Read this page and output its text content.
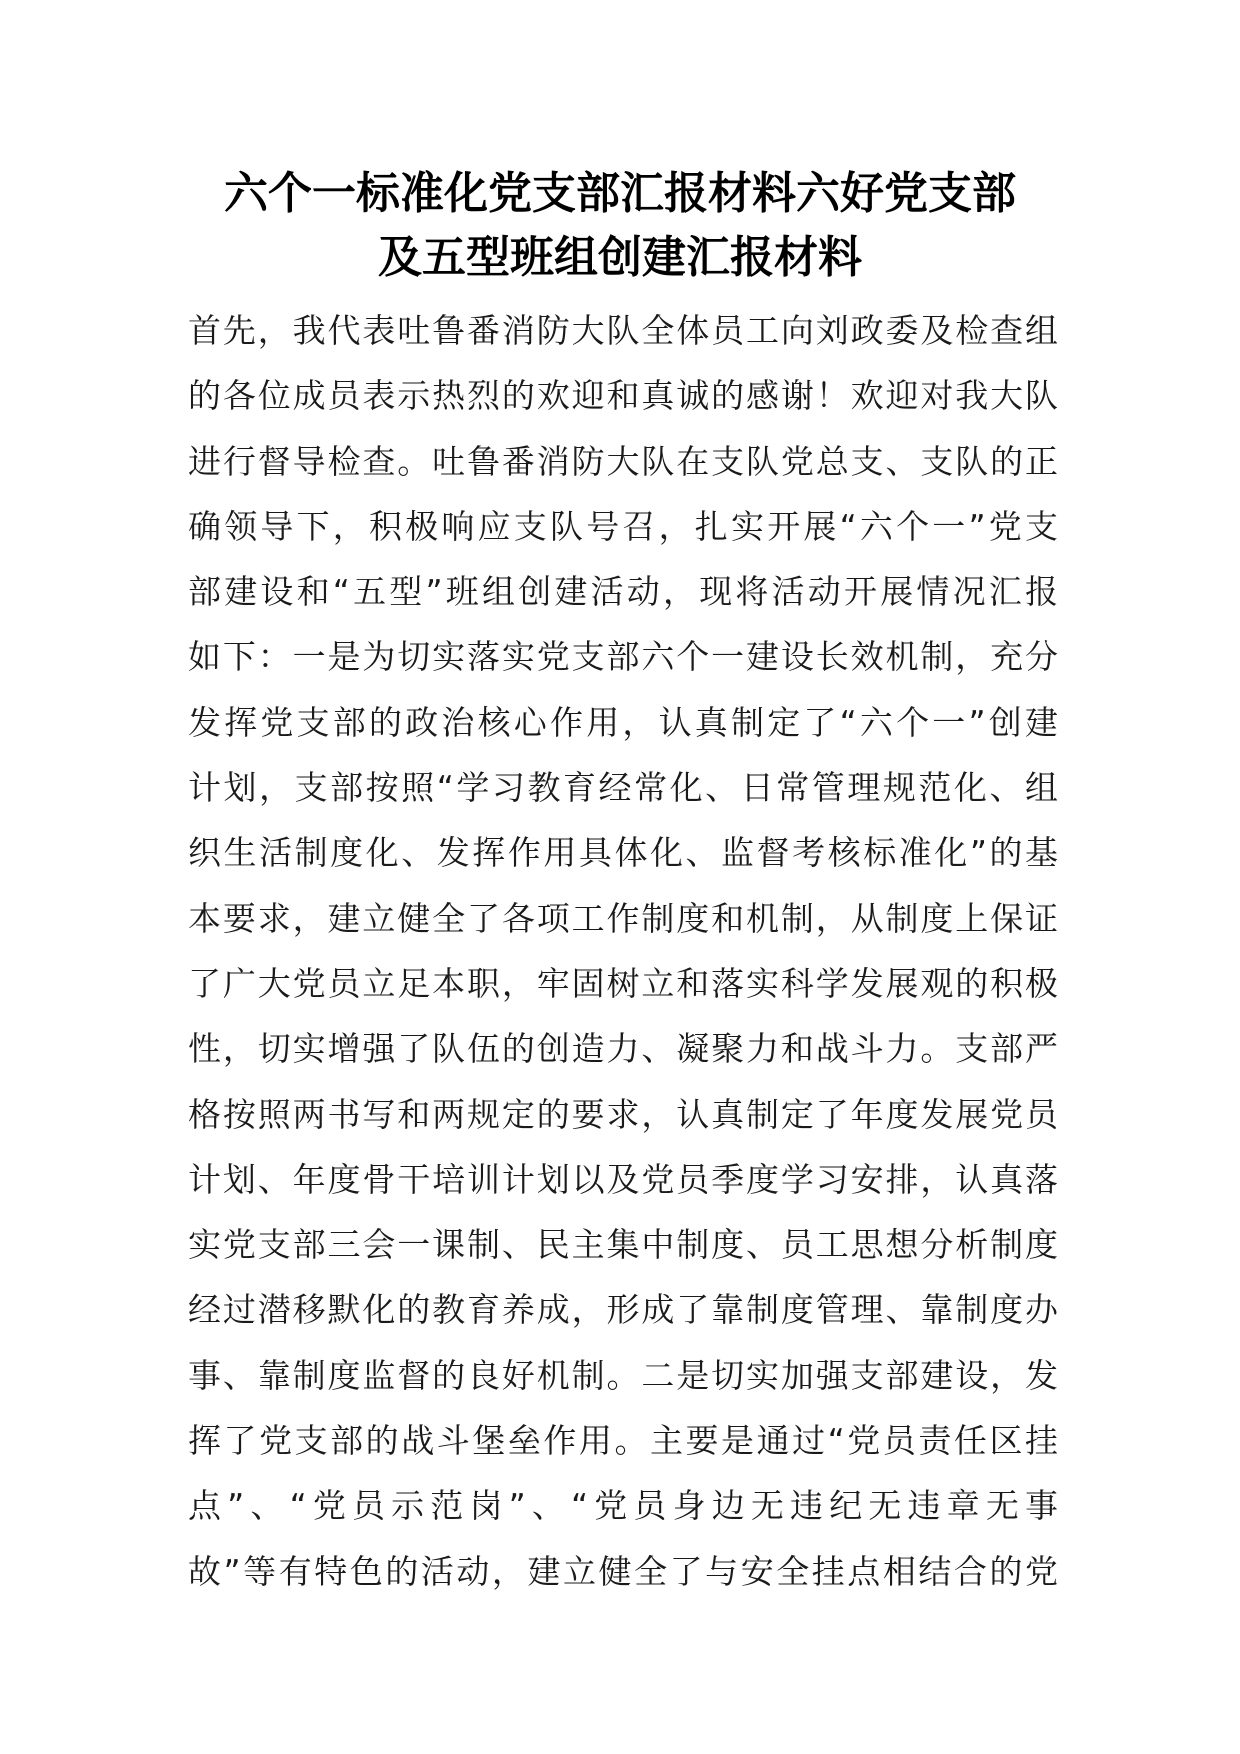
六个一标准化党支部汇报材料六好党支部
及五型班组创建汇报材料
首先，我代表吐鲁番消防大队全体员工向刘政委及检查组
的各位成员表示热烈的欢迎和真诚的感谢！欢迎对我大队
进行督导检查。吐鲁番消防大队在支队党总支、支队的正
确领导下，积极响应支队号召，扎实开展“六个一”党支
部建设和“五型”班组创建活动，现将活动开展情况汇报
如下：一是为切实落实党支部六个一建设长效机制，充分
发挥党支部的政治核心作用，认真制定了“六个一”创建
计划，支部按照“学习教育经常化、日常管理规范化、组
织生活制度化、发挥作用具体化、监督考核标准化”的基
本要求，建立健全了各项工作制度和机制，从制度上保证
了广大党员立足本职，牢固树立和落实科学发展观的积极
性，切实增强了队伍的创造力、凝聚力和战斗力。支部严
格按照两书写和两规定的要求，认真制定了年度发展党员
计划、年度骨干培训计划以及党员季度学习安排，认真落
实党支部三会一课制、民主集中制度、员工思想分析制度
经过潜移默化的教育养成，形成了靠制度管理、靠制度办
事、靠制度监督的良好机制。二是切实加强支部建设，发
挥了党支部的战斗堡垒作用。主要是通过“党员责任区挂
点”、“党员示范岗”、“党员身边无违纪无违章无事
故”等有特色的活动，建立健全了与安全挂点相结合的党
